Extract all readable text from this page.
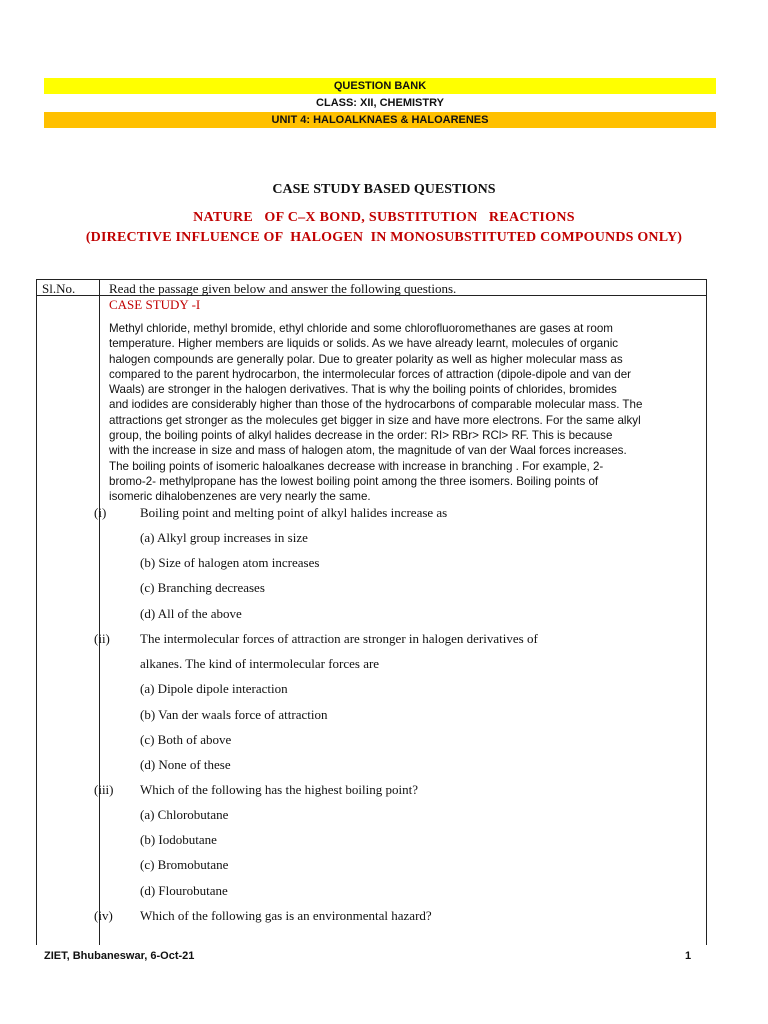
QUESTION BANK
CLASS: XII, CHEMISTRY
UNIT 4: HALOALKNAES & HALOARENES
CASE STUDY BASED QUESTIONS
NATURE   OF C–X BOND, SUBSTITUTION   REACTIONS
(DIRECTIVE INFLUENCE OF  HALOGEN  IN MONOSUBSTITUTED COMPOUNDS ONLY)
Sl.No.	Read the passage given below and answer the following questions.
CASE STUDY -I
Methyl chloride, methyl bromide, ethyl chloride and some chlorofluoromethanes are gases at room
temperature. Higher members are liquids or solids. As we have already learnt, molecules of organic
halogen compounds are generally polar. Due to greater polarity as well as higher molecular mass as
compared to the parent hydrocarbon, the intermolecular forces of attraction (dipole-dipole and van der
Waals) are stronger in the halogen derivatives. That is why the boiling points of chlorides, bromides
and iodides are considerably higher than those of the hydrocarbons of comparable molecular mass. The
attractions get stronger as the molecules get bigger in size and have more electrons. For the same alkyl
group, the boiling points of alkyl halides decrease in the order: RI> RBr> RCl> RF. This is because
with the increase in size and mass of halogen atom, the magnitude of van der Waal forces increases.
The boiling points of isomeric haloalkanes decrease with increase in branching . For example, 2-
bromo-2- methylpropane has the lowest boiling point among the three isomers. Boiling points of
isomeric dihalobenzenes are very nearly the same.
(i)	Boiling point and melting point of alkyl halides increase as
(a) Alkyl group increases in size
(b) Size of halogen atom increases
(c) Branching decreases
(d) All of the above
(ii) The intermolecular forces of attraction are stronger in halogen derivatives of
alkanes. The kind of intermolecular forces are
(a) Dipole dipole interaction
(b) Van der waals force of attraction
(c) Both of above
(d) None of these
(iii) Which of the following has the highest boiling point?
(a) Chlorobutane
(b) Iodobutane
(c) Bromobutane
(d) Flourobutane
(iv) Which of the following gas is an environmental hazard?
ZIET, Bhubaneswar, 6-Oct-21	1
